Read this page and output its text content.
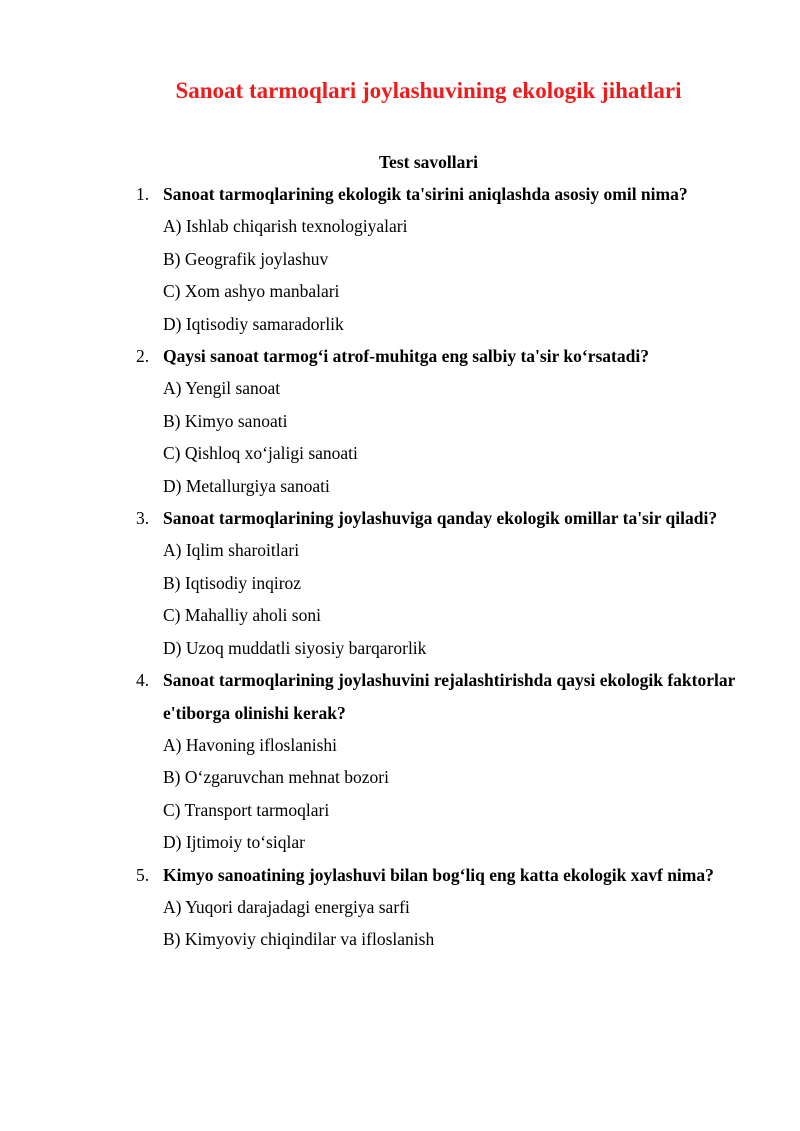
Sanoat tarmoqlari joylashuvining ekologik jihatlari
Test savollari
1. Sanoat tarmoqlarining ekologik ta'sirini aniqlashda asosiy omil nima?
A) Ishlab chiqarish texnologiyalari
B) Geografik joylashuv
C) Xom ashyo manbalari
D) Iqtisodiy samaradorlik
2. Qaysi sanoat tarmog‘i atrof-muhitga eng salbiy ta'sir ko‘rsatadi?
A) Yengil sanoat
B) Kimyo sanoati
C) Qishloq xo‘jaligi sanoati
D) Metallurgiya sanoati
3. Sanoat tarmoqlarining joylashuviga qanday ekologik omillar ta'sir qiladi?
A) Iqlim sharoitlari
B) Iqtisodiy inqiroz
C) Mahalliy aholi soni
D) Uzoq muddatli siyosiy barqarorlik
4. Sanoat tarmoqlarining joylashuvini rejalashtirishda qaysi ekologik faktorlar e'tiborga olinishi kerak?
A) Havoning ifloslanishi
B) O‘zgaruvchan mehnat bozori
C) Transport tarmoqlari
D) Ijtimoiy to‘siqlar
5. Kimyo sanoatining joylashuvi bilan bog‘liq eng katta ekologik xavf nima?
A) Yuqori darajadagi energiya sarfi
B) Kimyoviy chiqindilar va ifloslanish
